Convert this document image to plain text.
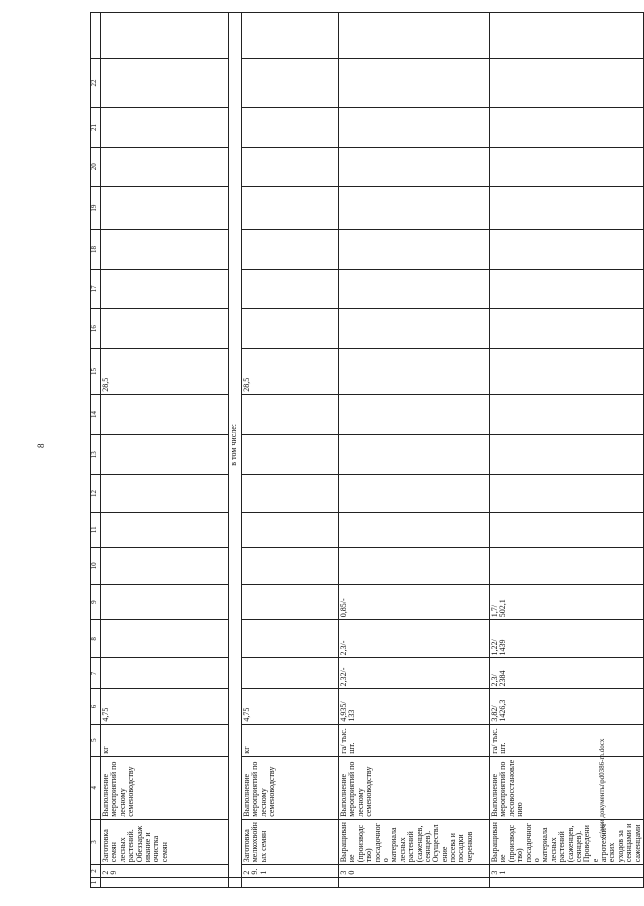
8
c:\мои документы\pd0386-m.docx
1	2	3	4	5	6	7	8	9	10	11	12	13	14	15	16	17	18	19	20	21	22	
	29	Заготовка семян лесных растений. Обеззараживание и очистка семян	Выполнение мероприятий по лесному семеноводству	кг	4,75									28,5								
	в том числе:																					
	29.1	Заготовка мелкохвойных семян	Выполнение мероприятий по лесному семеноводству	кг	4,75									28,5								
	30	Выращивание (производство) посадочного материала лесных растений (саженцев, сеянцев). Осуществление посева и посадки черенков	Выполнение мероприятий по лесному семеноводству	га/ тыс. шт.	4,935/ 133	2,32/-	2,3/-	0,85/-														
	31	Выращивание (производство) посадочного материала лесных растений (саженцев, сеянцев). Проведение агротехнических уходов за сеянцами и саженцами	Выполнение мероприятий по лесовосстановлению	га/ тыс. шт.	3,82/ 1426,3	2,3/ 2384	1,22/ 1439	1,7/ 502,1														
